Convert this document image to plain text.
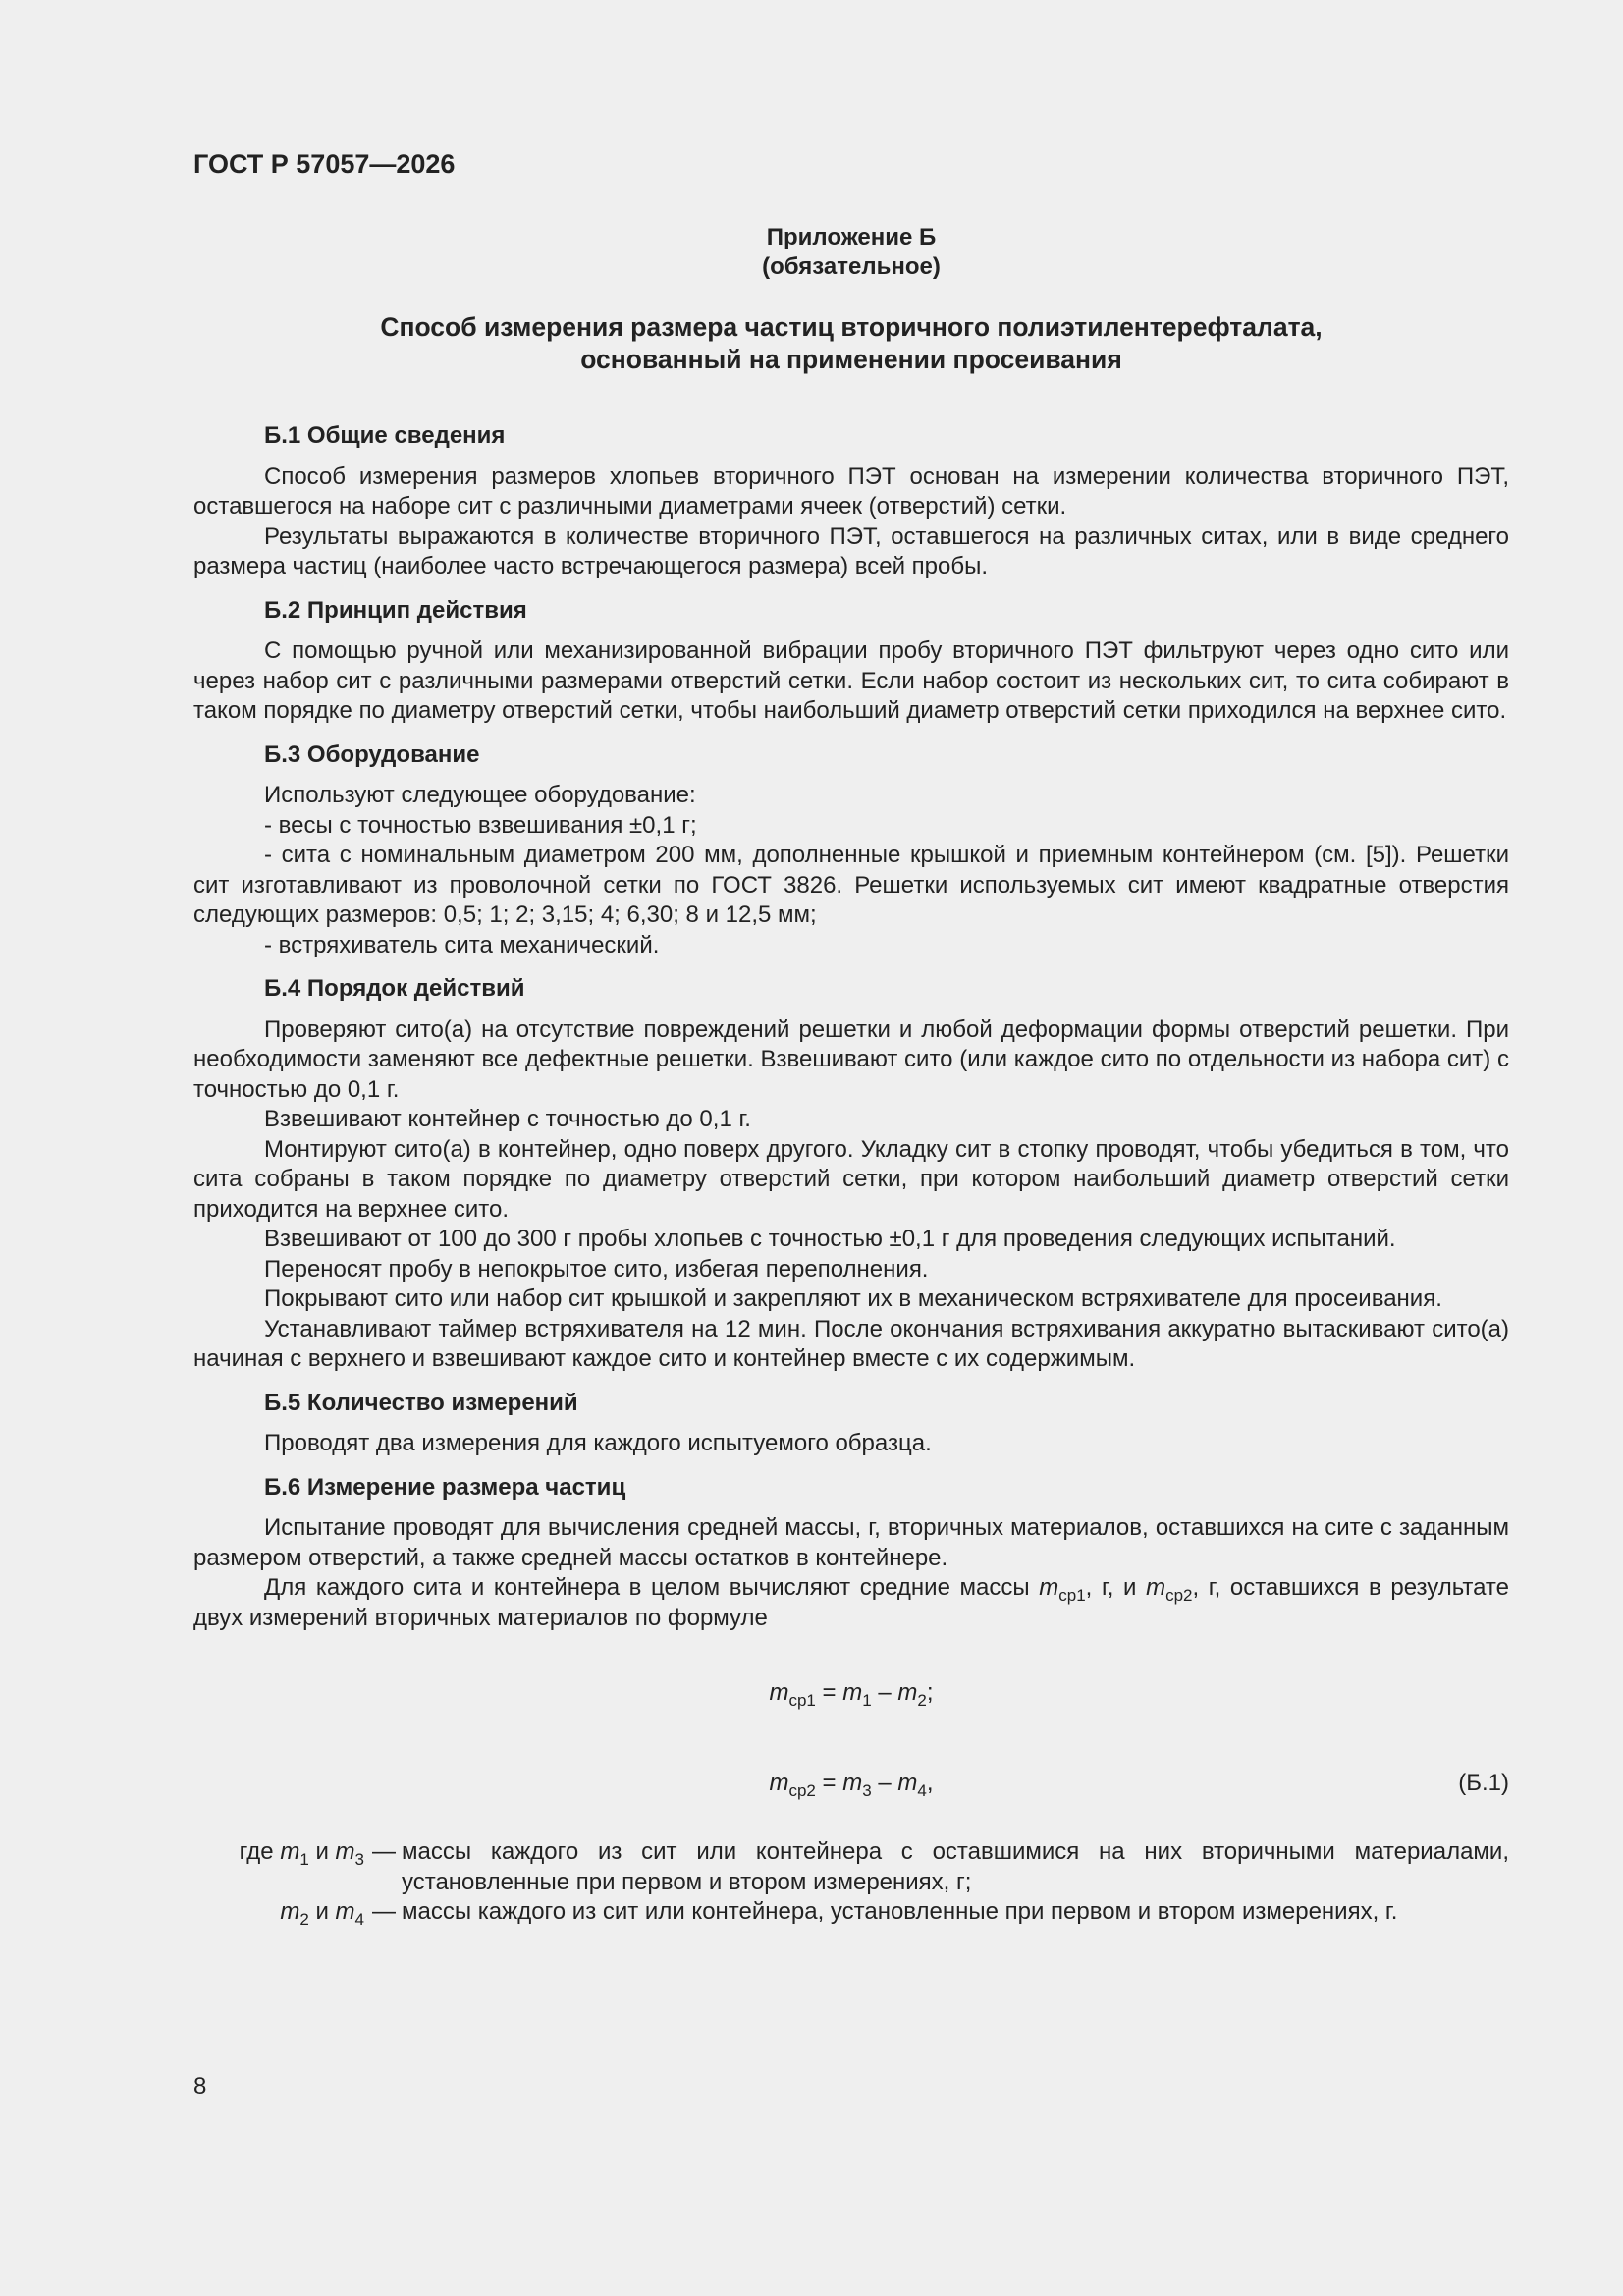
ГОСТ Р 57057—2026
Приложение Б
(обязательное)
Способ измерения размера частиц вторичного полиэтилентерефталата,
основанный на применении просеивания
Б.1 Общие сведения

Способ измерения размеров хлопьев вторичного ПЭТ основан на измерении количества вторичного ПЭТ, оставшегося на наборе сит с различными диаметрами ячеек (отверстий) сетки.

Результаты выражаются в количестве вторичного ПЭТ, оставшегося на различных ситах, или в виде среднего размера частиц (наиболее часто встречающегося размера) всей пробы.

Б.2 Принцип действия

С помощью ручной или механизированной вибрации пробу вторичного ПЭТ фильтруют через одно сито или через набор сит с различными размерами отверстий сетки. Если набор состоит из нескольких сит, то сита собирают в таком порядке по диаметру отверстий сетки, чтобы наибольший диаметр отверстий сетки приходился на верхнее сито.

Б.3 Оборудование

Используют следующее оборудование:

- весы с точностью взвешивания ±0,1 г;

- сита с номинальным диаметром 200 мм, дополненные крышкой и приемным контейнером (см. [5]). Решетки сит изготавливают из проволочной сетки по ГОСТ 3826. Решетки используемых сит имеют квадратные отверстия следующих размеров: 0,5; 1; 2; 3,15; 4; 6,30; 8 и 12,5 мм;

- встряхиватель сита механический.

Б.4 Порядок действий

Проверяют сито(а) на отсутствие повреждений решетки и любой деформации формы отверстий решетки. При необходимости заменяют все дефектные решетки. Взвешивают сито (или каждое сито по отдельности из набора сит) с точностью до 0,1 г.

Взвешивают контейнер с точностью до 0,1 г.

Монтируют сито(а) в контейнер, одно поверх другого. Укладку сит в стопку проводят, чтобы убедиться в том, что сита собраны в таком порядке по диаметру отверстий сетки, при котором наибольший диаметр отверстий сетки приходится на верхнее сито.

Взвешивают от 100 до 300 г пробы хлопьев с точностью ±0,1 г для проведения следующих испытаний.

Переносят пробу в непокрытое сито, избегая переполнения.

Покрывают сито или набор сит крышкой и закрепляют их в механическом встряхивателе для просеивания.

Устанавливают таймер встряхивателя на 12 мин. После окончания встряхивания аккуратно вытаскивают сито(а) начиная с верхнего и взвешивают каждое сито и контейнер вместе с их содержимым.

Б.5 Количество измерений

Проводят два измерения для каждого испытуемого образца.

Б.6 Измерение размера частиц

Испытание проводят для вычисления средней массы, г, вторичных материалов, оставшихся на сите с заданным размером отверстий, а также средней массы остатков в контейнере.

Для каждого сита и контейнера в целом вычисляют средние массы $m_{ср1}$, г, и $m_{ср2}$, г, оставшихся в результате двух измерений вторичных материалов по формуле

$m_{ср1} = m_1 - m_2$;
$m_{ср2} = m_3 - m_4$,	(Б.1)
где $m_1$ и $m_3$ — массы каждого из сит или контейнера с оставшимися на них вторичными материалами, установленные при первом и втором измерениях, г;
$m_2$ и $m_4$ — массы каждого из сит или контейнера, установленные при первом и втором измерениях, г.
8
